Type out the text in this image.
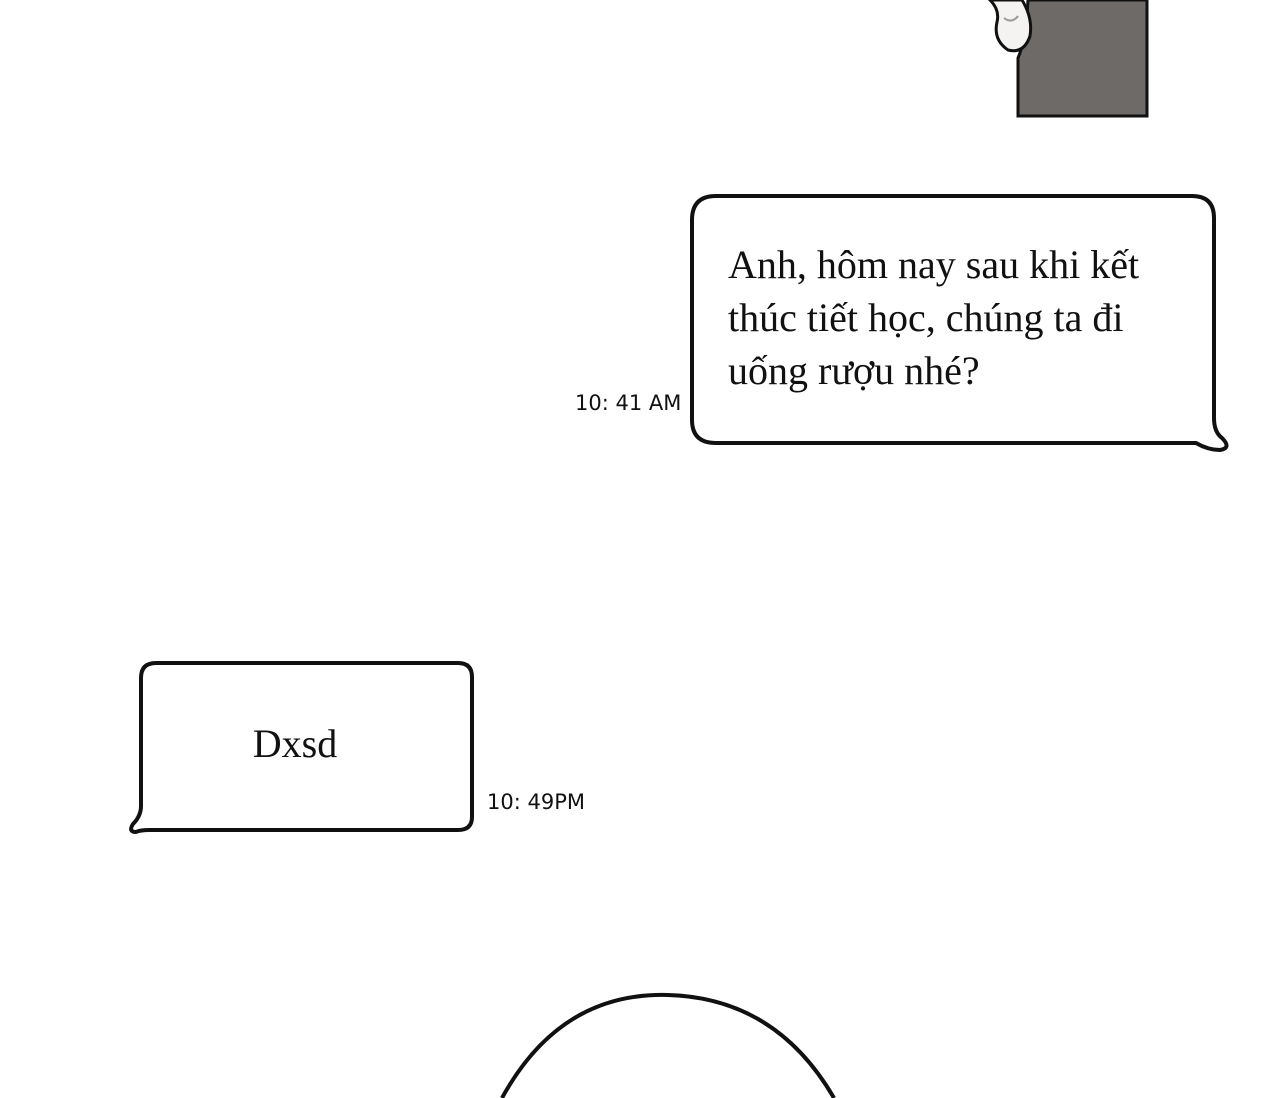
Anh, hôm nay sau khi kết
thúc tiết học, chúng ta đi
uống rượu nhé?
10: 41 AM
Dxsd
10: 49PM
